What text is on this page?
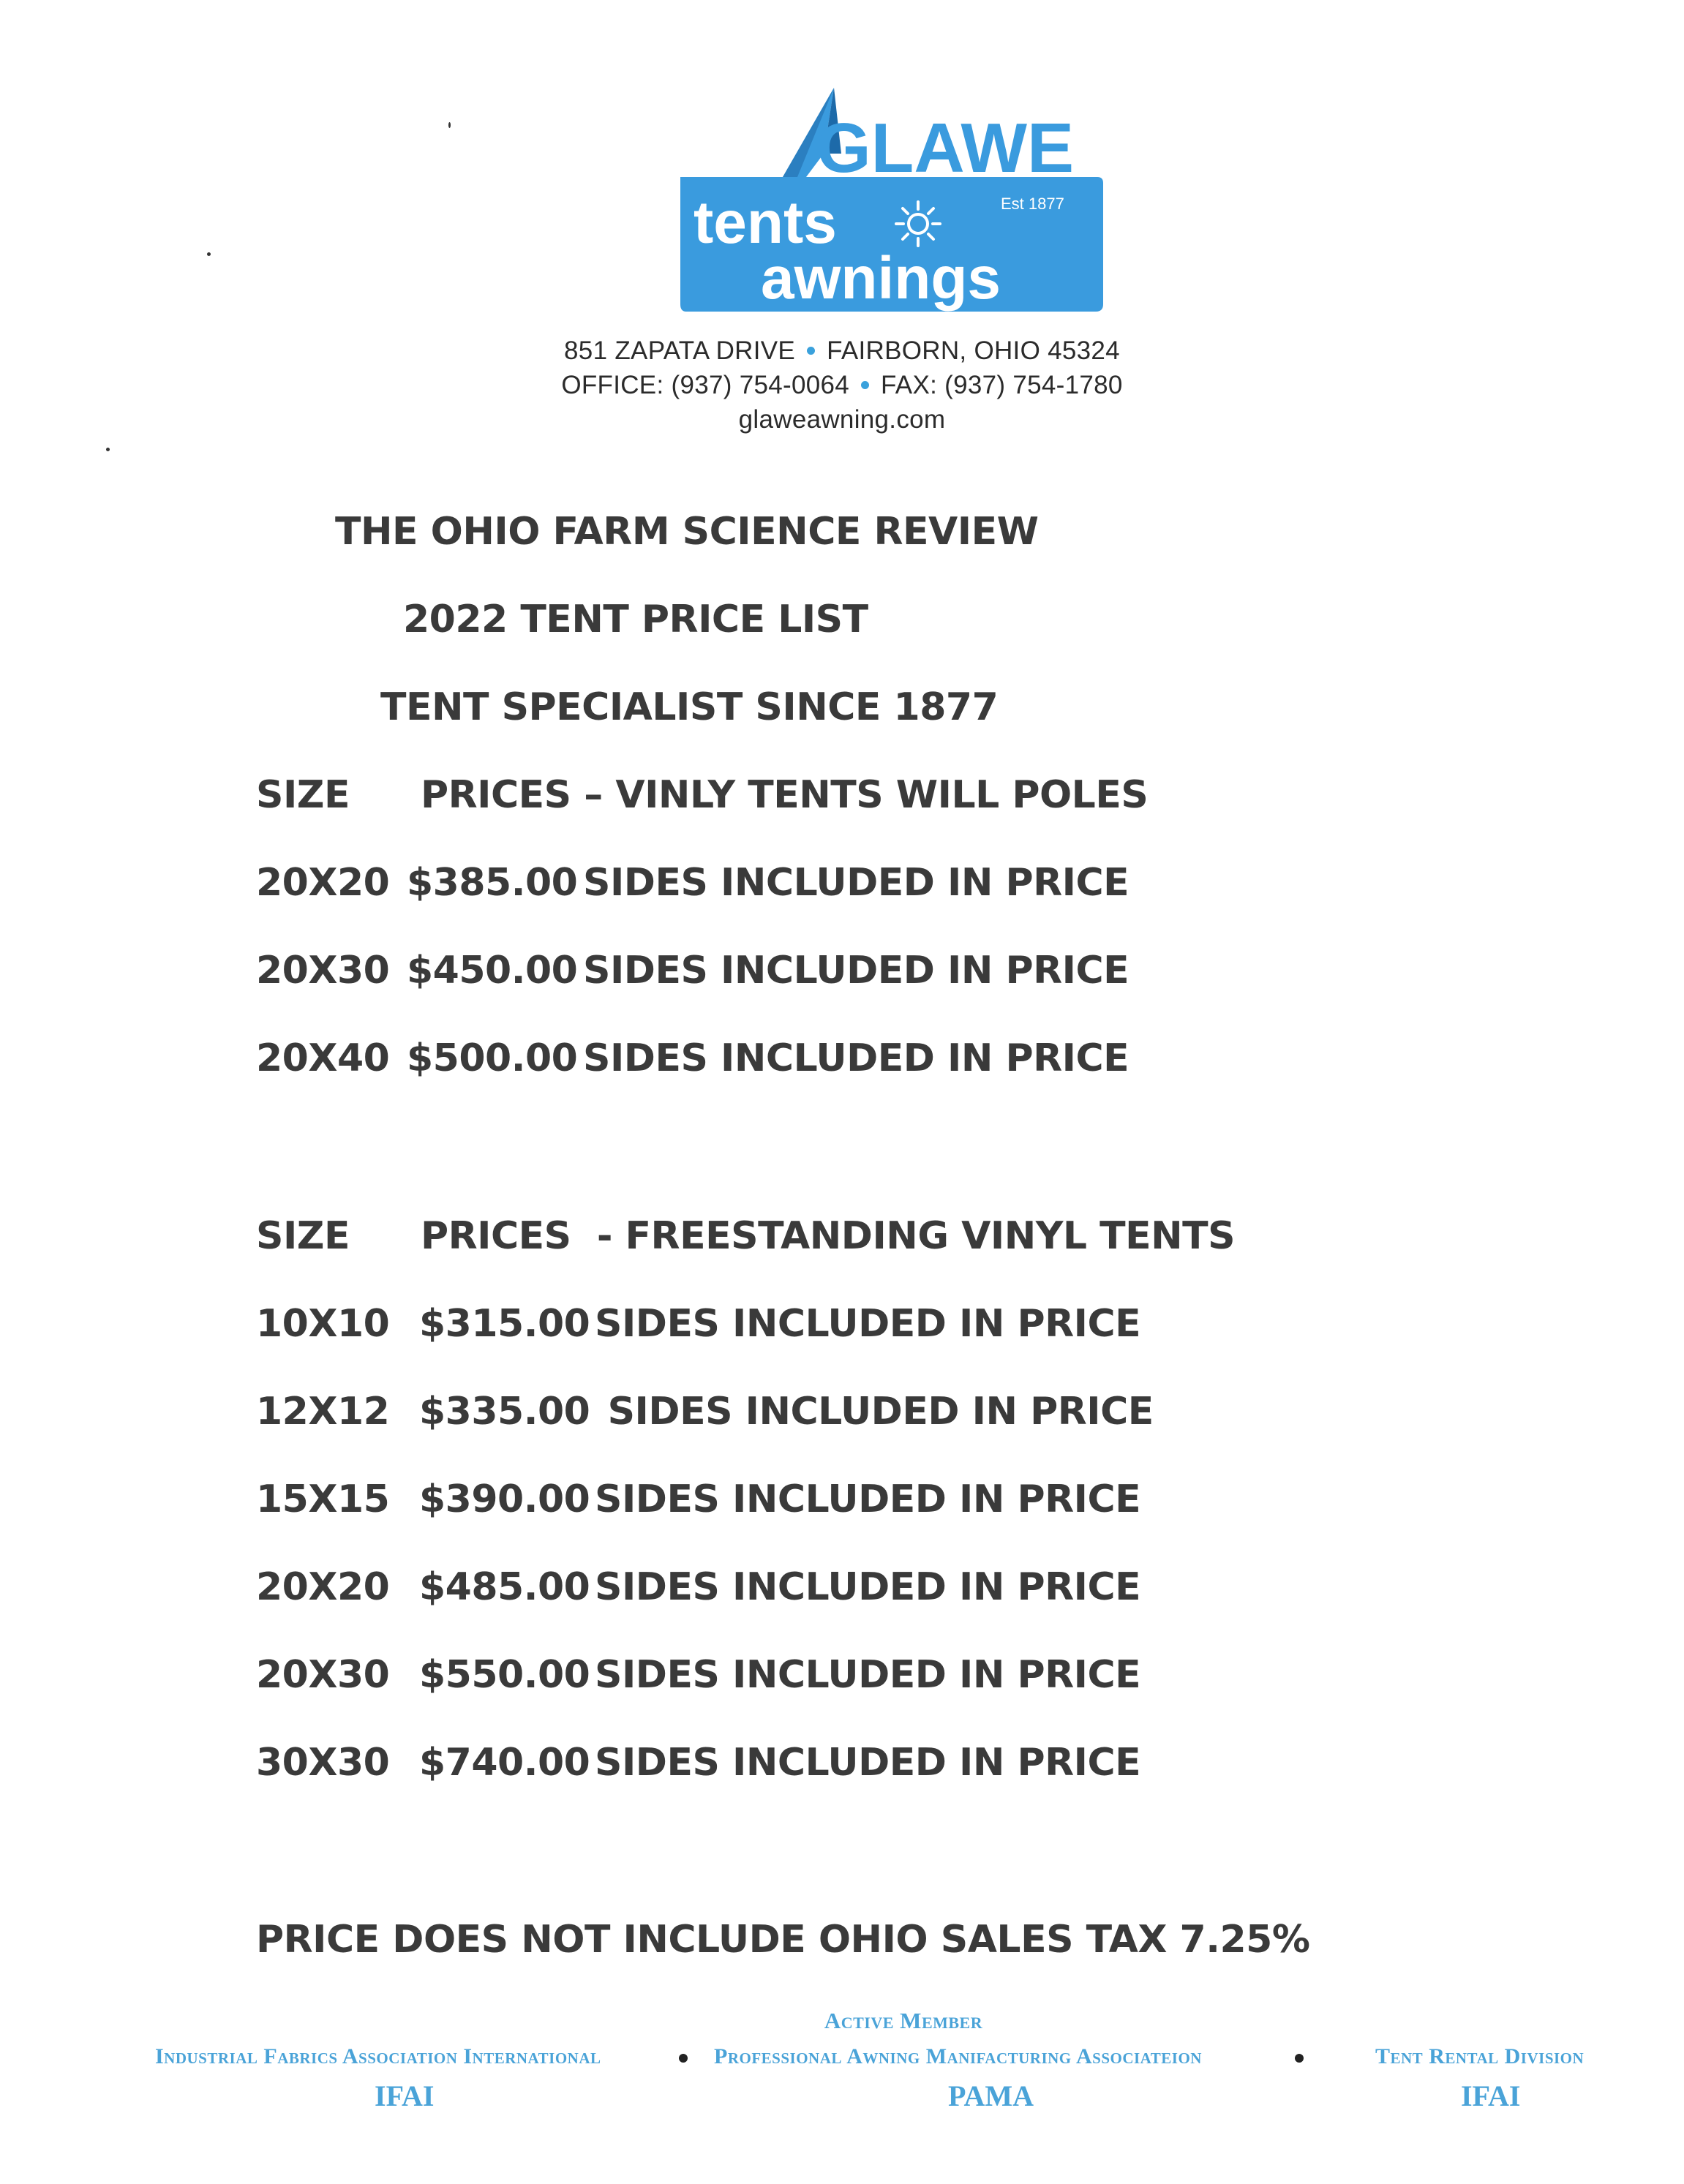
GLAWE
tents
awnings
Est 1877
851 ZAPATA DRIVE FAIRBORN, OHIO 45324
OFFICE: (937) 754-0064 FAX: (937) 754-1780
glaweawning.com
THE OHIO FARM SCIENCE REVIEW
2022 TENT PRICE LIST
TENT SPECIALIST SINCE 1877
SIZE PRICES – VINLY TENTS WILL POLES
20X20 $385.00 SIDES INCLUDED IN PRICE
20X30 $450.00 SIDES INCLUDED IN PRICE
20X40 $500.00 SIDES INCLUDED IN PRICE
SIZE PRICES  - FREESTANDING VINYL TENTS
10X10 $315.00 SIDES INCLUDED IN PRICE
12X12 $335.00 SIDES INCLUDED IN PRICE
15X15 $390.00 SIDES INCLUDED IN PRICE
20X20 $485.00 SIDES INCLUDED IN PRICE
20X30 $550.00 SIDES INCLUDED IN PRICE
30X30 $740.00 SIDES INCLUDED IN PRICE
PRICE DOES NOT INCLUDE OHIO SALES TAX 7.25%
Active Member
Industrial Fabrics Association International	Professional Awning Manifacturing Associateion	Tent Rental Division
IFAI	PAMA	IFAI
